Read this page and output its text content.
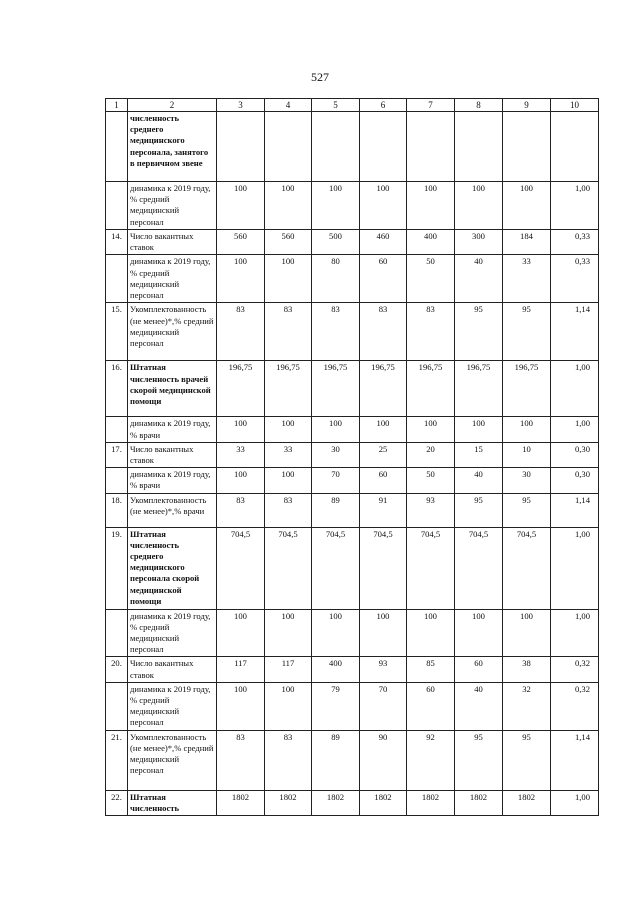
527
1	2	3	4	5	6	7	8	9	10
	численность среднего медицинского персонала, занятого в первичном звене								
	динамика к 2019 году, % средний медицинский персонал	100	100	100	100	100	100	100	1,00
14.	Число вакантных ставок	560	560	500	460	400	300	184	0,33
	динамика к 2019 году, % средний медицинский персонал	100	100	80	60	50	40	33	0,33
15.	Укомплектованность (не менее)*,% средний медицинский персонал	83	83	83	83	83	95	95	1,14
16.	Штатная численность врачей скорой медицинской помощи	196,75	196,75	196,75	196,75	196,75	196,75	196,75	1,00
	динамика к 2019 году, % врачи	100	100	100	100	100	100	100	1,00
17.	Число вакантных ставок	33	33	30	25	20	15	10	0,30
	динамика к 2019 году, % врачи	100	100	70	60	50	40	30	0,30
18.	Укомплектованность (не менее)*,% врачи	83	83	89	91	93	95	95	1,14
19.	Штатная численность среднего медицинского персонала скорой медицинской помощи	704,5	704,5	704,5	704,5	704,5	704,5	704,5	1,00
	динамика к 2019 году, % средний медицинский персонал	100	100	100	100	100	100	100	1,00
20.	Число вакантных ставок	117	117	400	93	85	60	38	0,32
	динамика к 2019 году, % средний медицинский персонал	100	100	79	70	60	40	32	0,32
21.	Укомплектованность (не менее)*,% средний медицинский персонал	83	83	89	90	92	95	95	1,14
22.	Штатная численность	1802	1802	1802	1802	1802	1802	1802	1,00
